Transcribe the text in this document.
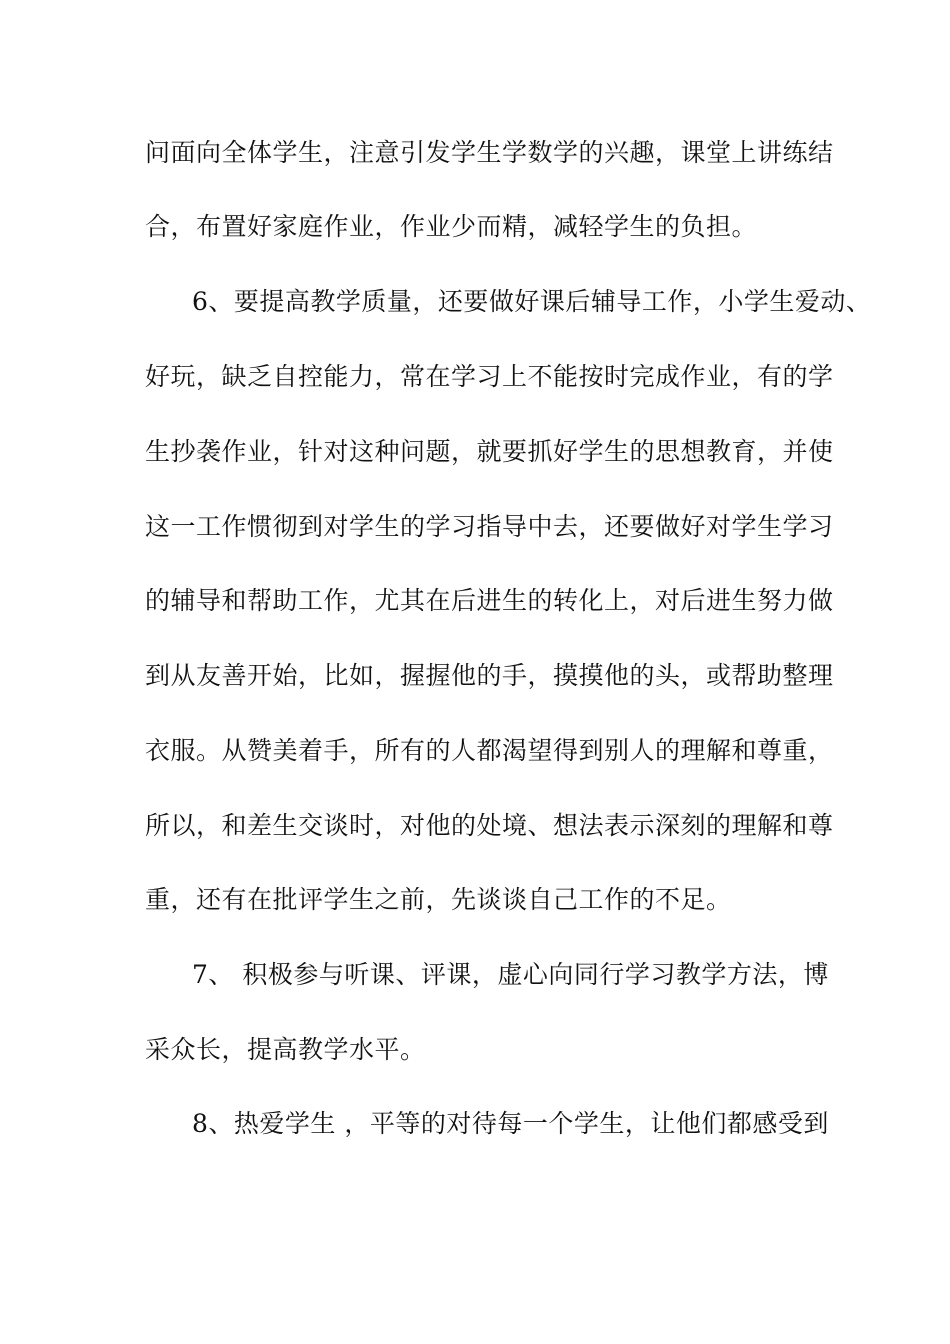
问面向全体学生，注意引发学生学数学的兴趣，课堂上讲练结
合，布置好家庭作业，作业少而精，减轻学生的负担。
6、要提高教学质量，还要做好课后辅导工作，小学生爱动、
好玩，缺乏自控能力，常在学习上不能按时完成作业，有的学
生抄袭作业，针对这种问题，就要抓好学生的思想教育，并使
这一工作惯彻到对学生的学习指导中去，还要做好对学生学习
的辅导和帮助工作，尤其在后进生的转化上，对后进生努力做
到从友善开始，比如，握握他的手，摸摸他的头，或帮助整理
衣服。从赞美着手，所有的人都渴望得到别人的理解和尊重，
所以，和差生交谈时，对他的处境、想法表示深刻的理解和尊
重，还有在批评学生之前，先谈谈自己工作的不足。
7、 积极参与听课、评课，虚心向同行学习教学方法，博
采众长，提高教学水平。
8、热爱学生 ，平等的对待每一个学生，让他们都感受到
